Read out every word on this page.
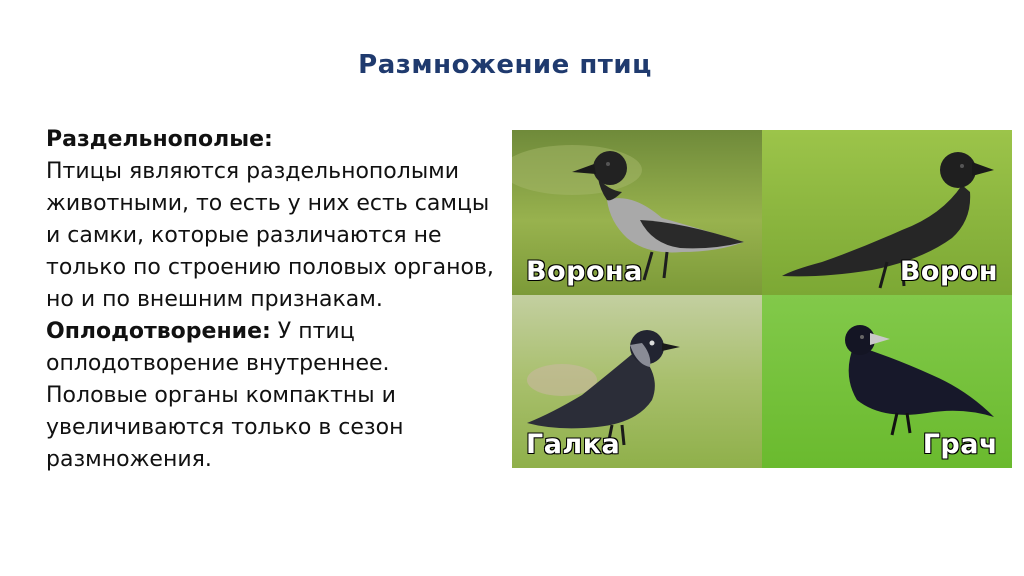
Размножение птиц
Раздельнополые:
Птицы являются раздельнополыми животными, то есть у них есть самцы и самки, которые различаются не только по строению половых органов, но и по внешним признакам.
Оплодотворение: У птиц оплодотворение внутреннее. Половые органы компактны и увеличиваются только в сезон размножения.
Ворона	Ворон
Галка	Грач
